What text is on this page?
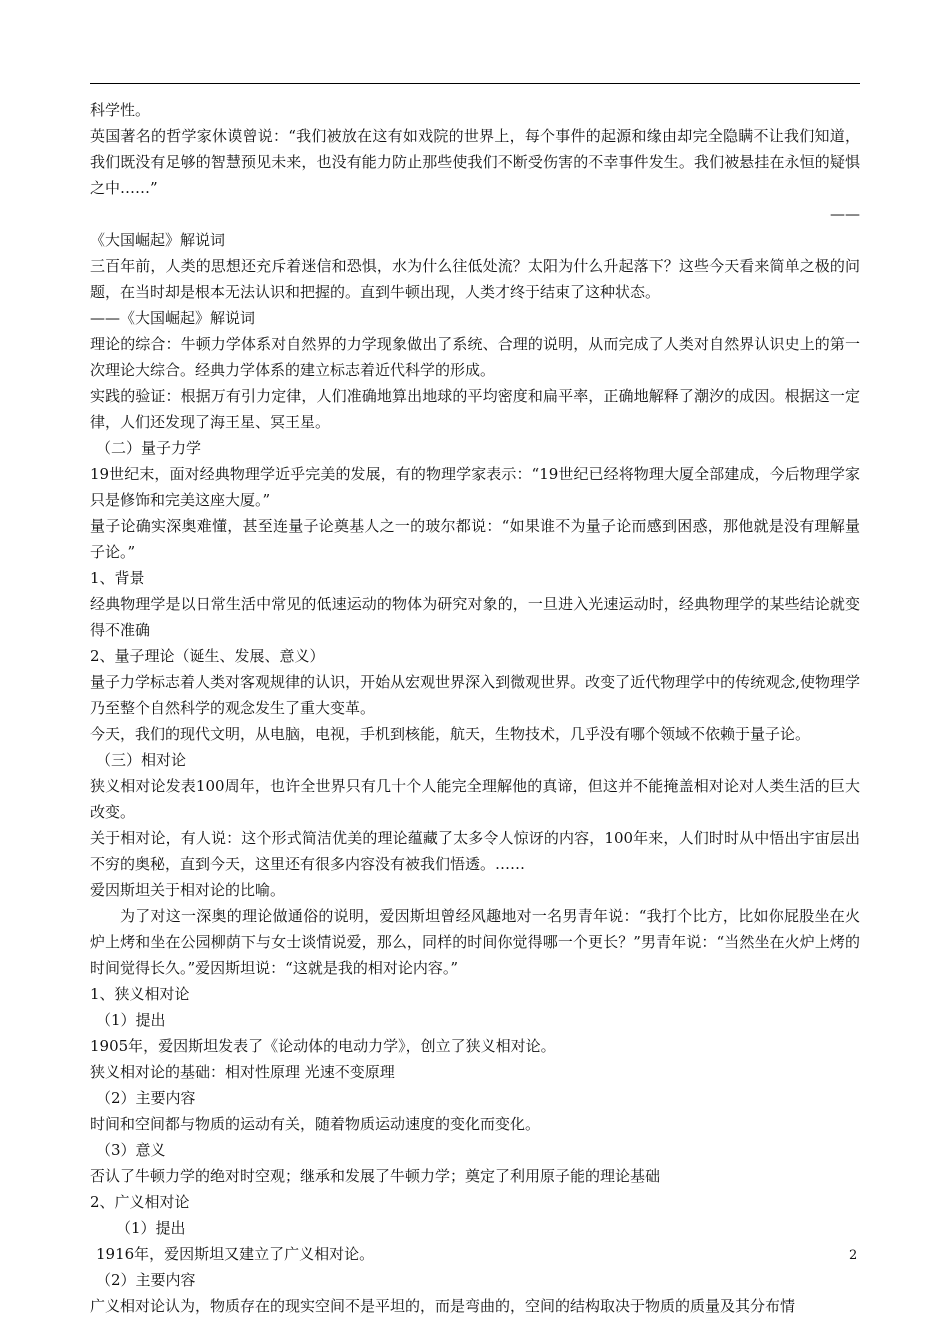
科学性。

英国著名的哲学家休谟曾说：“我们被放在这有如戏院的世界上，每个事件的起源和缘由却完全隐瞒不让我们知道，我们既没有足够的智慧预见未来，也没有能力防止那些使我们不断受伤害的不幸事件发生。我们被悬挂在永恒的疑惧之中……”

——

《大国崛起》解说词

三百年前，人类的思想还充斥着迷信和恐惧，水为什么往低处流？太阳为什么升起落下？这些今天看来简单之极的问题，在当时却是根本无法认识和把握的。直到牛顿出现，人类才终于结束了这种状态。

——《大国崛起》解说词

理论的综合：牛顿力学体系对自然界的力学现象做出了系统、合理的说明，从而完成了人类对自然界认识史上的第一次理论大综合。经典力学体系的建立标志着近代科学的形成。

实践的验证：根据万有引力定律，人们准确地算出地球的平均密度和扁平率，正确地解释了潮汐的成因。根据这一定律，人们还发现了海王星、冥王星。

（二）量子力学

19世纪末，面对经典物理学近乎完美的发展，有的物理学家表示：“19世纪已经将物理大厦全部建成，今后物理学家只是修饰和完美这座大厦。”

量子论确实深奥难懂，甚至连量子论奠基人之一的玻尔都说：“如果谁不为量子论而感到困惑，那他就是没有理解量子论。”

1、背景

经典物理学是以日常生活中常见的低速运动的物体为研究对象的，一旦进入光速运动时，经典物理学的某些结论就变得不准确

2、量子理论（诞生、发展、意义）

量子力学标志着人类对客观规律的认识，开始从宏观世界深入到微观世界。改变了近代物理学中的传统观念,使物理学乃至整个自然科学的观念发生了重大变革。

今天，我们的现代文明，从电脑，电视，手机到核能，航天，生物技术，几乎没有哪个领域不依赖于量子论。

（三）相对论

狭义相对论发表100周年，也许全世界只有几十个人能完全理解他的真谛，但这并不能掩盖相对论对人类生活的巨大改变。

关于相对论，有人说：这个形式简洁优美的理论蕴藏了太多令人惊讶的内容，100年来，人们时时从中悟出宇宙层出不穷的奥秘，直到今天，这里还有很多内容没有被我们悟透。……

爱因斯坦关于相对论的比喻。

为了对这一深奥的理论做通俗的说明，爱因斯坦曾经风趣地对一名男青年说：“我打个比方，比如你屁股坐在火炉上烤和坐在公园柳荫下与女士谈情说爱，那么，同样的时间你觉得哪一个更长？”男青年说：“当然坐在火炉上烤的时间觉得长久。”爱因斯坦说：“这就是我的相对论内容。”

1、狭义相对论

（1）提出

1905年，爱因斯坦发表了《论动体的电动力学》，创立了狭义相对论。

狭义相对论的基础：相对性原理 光速不变原理

（2）主要内容

时间和空间都与物质的运动有关，随着物质运动速度的变化而变化。

（3）意义

否认了牛顿力学的绝对时空观；继承和发展了牛顿力学；奠定了利用原子能的理论基础

2、广义相对论

（1）提出

1916年，爱因斯坦又建立了广义相对论。

（2）主要内容

广义相对论认为，物质存在的现实空间不是平坦的，而是弯曲的，空间的结构取决于物质的质量及其分布情

2
